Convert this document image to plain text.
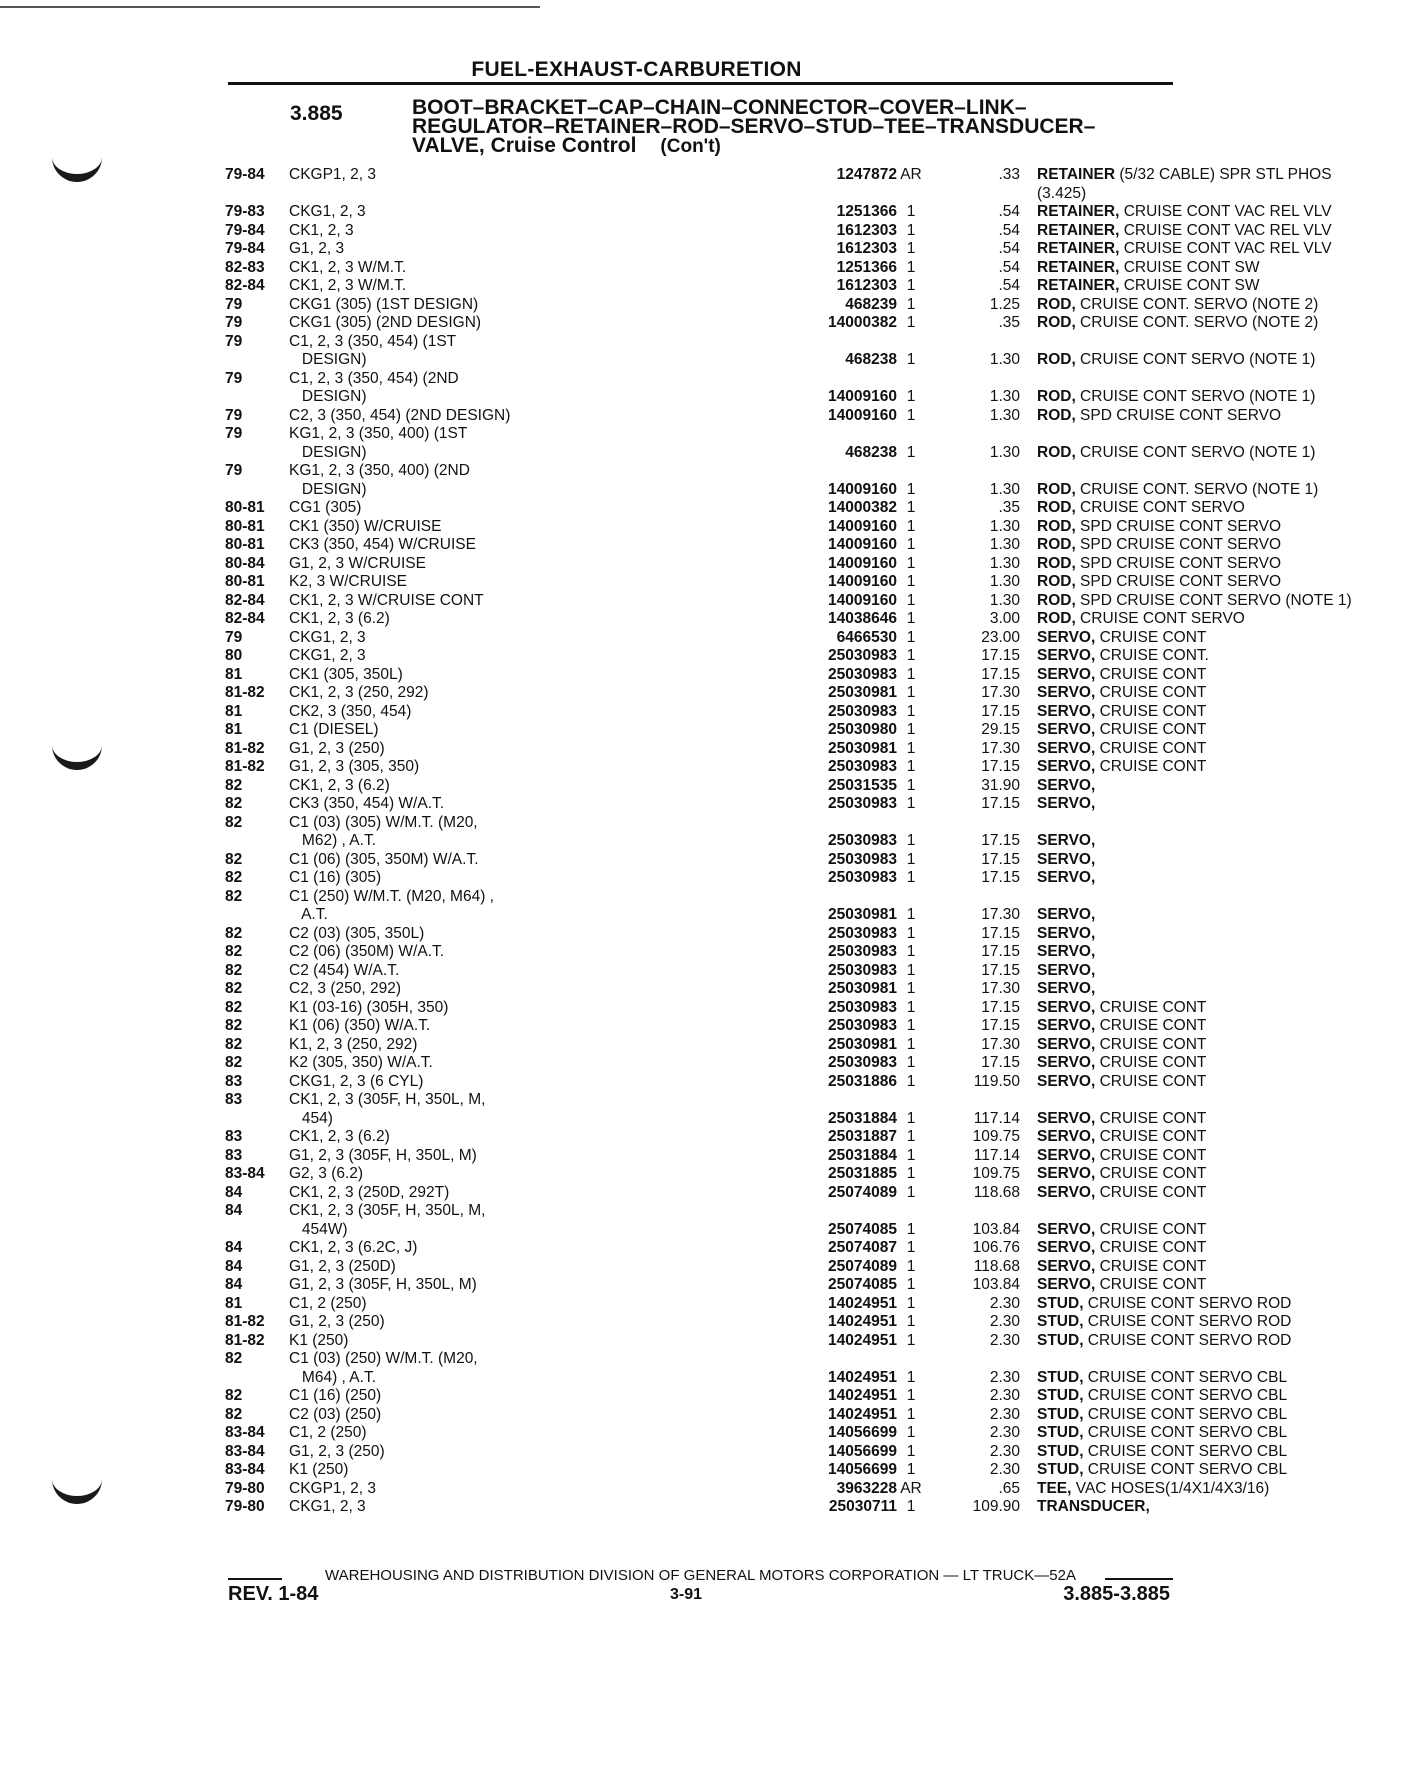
FUEL-EXHAUST-CARBURETION
3.885	BOOT–BRACKET–CAP–CHAIN–CONNECTOR–COVER–LINK–
REGULATOR–RETAINER–ROD–SERVO–STUD–TEE–TRANSDUCER–
VALVE, Cruise Control (Con't)
79-84	CKGP1, 2, 3	1247872 AR	.33 RETAINER (5/32 CABLE) SPR STL PHOS
(3.425)
79-83	CKG1, 2, 3	1251366 1	.54 RETAINER, CRUISE CONT VAC REL VLV
79-84	CK1, 2, 3	1612303 1	.54 RETAINER, CRUISE CONT VAC REL VLV
79-84	G1, 2, 3	1612303 1	.54 RETAINER, CRUISE CONT VAC REL VLV
82-83	CK1, 2, 3 W/M.T.	1251366 1	.54 RETAINER, CRUISE CONT SW
82-84	CK1, 2, 3 W/M.T.	1612303 1	.54 RETAINER, CRUISE CONT SW
79	CKG1 (305) (1ST DESIGN)	468239 1	1.25 ROD, CRUISE CONT. SERVO (NOTE 2)
79	CKG1 (305) (2ND DESIGN)	14000382 1	.35 ROD, CRUISE CONT. SERVO (NOTE 2)
79	C1, 2, 3 (350, 454) (1ST
DESIGN)	468238 1	1.30 ROD, CRUISE CONT SERVO (NOTE 1)
79	C1, 2, 3 (350, 454) (2ND
DESIGN)	14009160 1	1.30 ROD, CRUISE CONT SERVO (NOTE 1)
79	C2, 3 (350, 454) (2ND DESIGN)	14009160 1	1.30 ROD, SPD CRUISE CONT SERVO
79	KG1, 2, 3 (350, 400) (1ST
DESIGN)	468238 1	1.30 ROD, CRUISE CONT SERVO (NOTE 1)
79	KG1, 2, 3 (350, 400) (2ND
DESIGN)	14009160 1	1.30 ROD, CRUISE CONT. SERVO (NOTE 1)
80-81	CG1 (305)	14000382 1	.35 ROD, CRUISE CONT SERVO
80-81	CK1 (350) W/CRUISE	14009160 1	1.30 ROD, SPD CRUISE CONT SERVO
80-81	CK3 (350, 454) W/CRUISE	14009160 1	1.30 ROD, SPD CRUISE CONT SERVO
80-84	G1, 2, 3 W/CRUISE	14009160 1	1.30 ROD, SPD CRUISE CONT SERVO
80-81	K2, 3 W/CRUISE	14009160 1	1.30 ROD, SPD CRUISE CONT SERVO
82-84	CK1, 2, 3 W/CRUISE CONT	14009160 1	1.30 ROD, SPD CRUISE CONT SERVO (NOTE 1)
82-84	CK1, 2, 3 (6.2)	14038646 1	3.00 ROD, CRUISE CONT SERVO
79	CKG1, 2, 3	6466530 1	23.00 SERVO, CRUISE CONT
80	CKG1, 2, 3	25030983 1	17.15 SERVO, CRUISE CONT.
81	CK1 (305, 350L)	25030983 1	17.15 SERVO, CRUISE CONT
81-82	CK1, 2, 3 (250, 292)	25030981 1	17.30 SERVO, CRUISE CONT
81	CK2, 3 (350, 454)	25030983 1	17.15 SERVO, CRUISE CONT
81	C1 (DIESEL)	25030980 1	29.15 SERVO, CRUISE CONT
81-82	G1, 2, 3 (250)	25030981 1	17.30 SERVO, CRUISE CONT
81-82	G1, 2, 3 (305, 350)	25030983 1	17.15 SERVO, CRUISE CONT
82	CK1, 2, 3 (6.2)	25031535 1	31.90 SERVO,
82	CK3 (350, 454) W/A.T.	25030983 1	17.15 SERVO,
82	C1 (03) (305) W/M.T. (M20,
M62) , A.T.	25030983 1	17.15 SERVO,
82	C1 (06) (305, 350M) W/A.T.	25030983 1	17.15 SERVO,
82	C1 (16) (305)	25030983 1	17.15 SERVO,
82	C1 (250) W/M.T. (M20, M64) ,
A.T.	25030981 1	17.30 SERVO,
82	C2 (03) (305, 350L)	25030983 1	17.15 SERVO,
82	C2 (06) (350M) W/A.T.	25030983 1	17.15 SERVO,
82	C2 (454) W/A.T.	25030983 1	17.15 SERVO,
82	C2, 3 (250, 292)	25030981 1	17.30 SERVO,
82	K1 (03-16) (305H, 350)	25030983 1	17.15 SERVO, CRUISE CONT
82	K1 (06) (350) W/A.T.	25030983 1	17.15 SERVO, CRUISE CONT
82	K1, 2, 3 (250, 292)	25030981 1	17.30 SERVO, CRUISE CONT
82	K2 (305, 350) W/A.T.	25030983 1	17.15 SERVO, CRUISE CONT
83	CKG1, 2, 3 (6 CYL)	25031886 1	119.50 SERVO, CRUISE CONT
83	CK1, 2, 3 (305F, H, 350L, M,
454)	25031884 1	117.14 SERVO, CRUISE CONT
83	CK1, 2, 3 (6.2)	25031887 1	109.75 SERVO, CRUISE CONT
83	G1, 2, 3 (305F, H, 350L, M)	25031884 1	117.14 SERVO, CRUISE CONT
83-84	G2, 3 (6.2)	25031885 1	109.75 SERVO, CRUISE CONT
84	CK1, 2, 3 (250D, 292T)	25074089 1	118.68 SERVO, CRUISE CONT
84	CK1, 2, 3 (305F, H, 350L, M,
454W)	25074085 1	103.84 SERVO, CRUISE CONT
84	CK1, 2, 3 (6.2C, J)	25074087 1	106.76 SERVO, CRUISE CONT
84	G1, 2, 3 (250D)	25074089 1	118.68 SERVO, CRUISE CONT
84	G1, 2, 3 (305F, H, 350L, M)	25074085 1	103.84 SERVO, CRUISE CONT
81	C1, 2 (250)	14024951 1	2.30 STUD, CRUISE CONT SERVO ROD
81-82	G1, 2, 3 (250)	14024951 1	2.30 STUD, CRUISE CONT SERVO ROD
81-82	K1 (250)	14024951 1	2.30 STUD, CRUISE CONT SERVO ROD
82	C1 (03) (250) W/M.T. (M20,
M64) , A.T.	14024951 1	2.30 STUD, CRUISE CONT SERVO CBL
82	C1 (16) (250)	14024951 1	2.30 STUD, CRUISE CONT SERVO CBL
82	C2 (03) (250)	14024951 1	2.30 STUD, CRUISE CONT SERVO CBL
83-84	C1, 2 (250)	14056699 1	2.30 STUD, CRUISE CONT SERVO CBL
83-84	G1, 2, 3 (250)	14056699 1	2.30 STUD, CRUISE CONT SERVO CBL
83-84	K1 (250)	14056699 1	2.30 STUD, CRUISE CONT SERVO CBL
79-80	CKGP1, 2, 3	3963228 AR	.65 TEE, VAC HOSES(1/4X1/4X3/16)
79-80	CKG1, 2, 3	25030711 1	109.90 TRANSDUCER,
WAREHOUSING AND DISTRIBUTION DIVISION OF GENERAL MOTORS CORPORATION — LT TRUCK—52A
REV. 1-84	3-91	3.885-3.885
